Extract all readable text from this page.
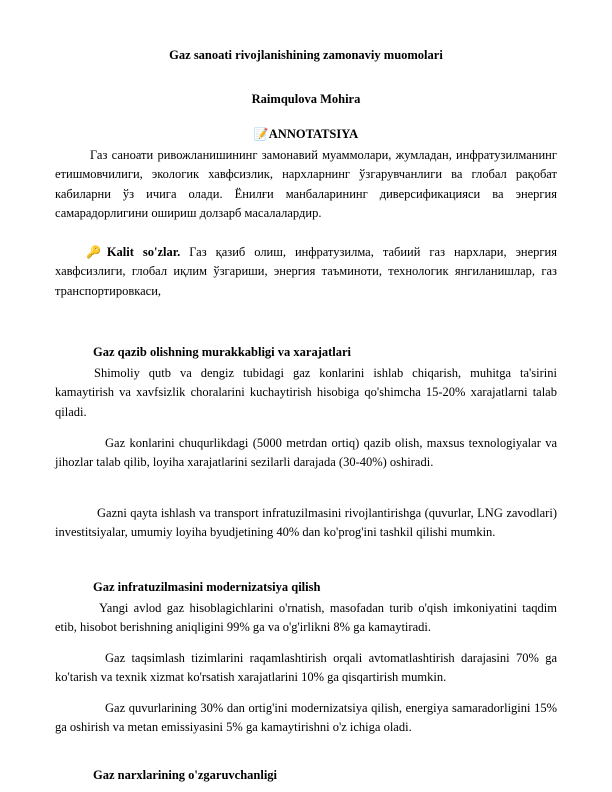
Gaz sanoati rivojlanishining zamonaviy muomolari
Raimqulova Mohira
📝ANNOTATSIYA
Газ саноати ривожланишининг замонавий муаммолари, жумладан, инфратузилманинг етишмовчилиги, экологик хавфсизлик, нархларнинг ўзгарувчанлиги ва глобал рақобат кабиларни ўз ичига олади. Ёнилғи манбаларининг диверсификацияси ва энергия самарадорлигини ошириш долзарб масалалардир.
🔑Kalit so'zlar. Газ қазиб олиш, инфратузилма, табиий газ нархлари, энергия хавфсизлиги, глобал иқлим ўзгариши, энергия таъминоти, технологик янгиланишлар, газ транспортировкаси,
Gaz qazib olishning murakkabligi va xarajatlari
Shimoliy qutb va dengiz tubidagi gaz konlarini ishlab chiqarish, muhitga ta'sirini kamaytirish va xavfsizlik choralarini kuchaytirish hisobiga qo'shimcha 15-20% xarajatlarni talab qiladi.
Gaz konlarini chuqurlikdagi (5000 metrdan ortiq) qazib olish, maxsus texnologiyalar va jihozlar talab qilib, loyiha xarajatlarini sezilarli darajada (30-40%) oshiradi.
Gazni qayta ishlash va transport infratuzilmasini rivojlantirishga (quvurlar, LNG zavodlari) investitsiyalar, umumiy loyiha byudjetining 40% dan ko'prog'ini tashkil qilishi mumkin.
Gaz infratuzilmasini modernizatsiya qilish
Yangi avlod gaz hisoblagichlarini o'rnatish, masofadan turib o'qish imkoniyatini taqdim etib, hisobot berishning aniqligini 99% ga va o'g'irlikni 8% ga kamaytiradi.
Gaz taqsimlash tizimlarini raqamlashtirish orqali avtomatlashtirish darajasini 70% ga ko'tarish va texnik xizmat ko'rsatish xarajatlarini 10% ga qisqartirish mumkin.
Gaz quvurlarining 30% dan ortig'ini modernizatsiya qilish, energiya samaradorligini 15% ga oshirish va metan emissiyasini 5% ga kamaytirishni o'z ichiga oladi.
Gaz narxlarining o'zgaruvchanligi
